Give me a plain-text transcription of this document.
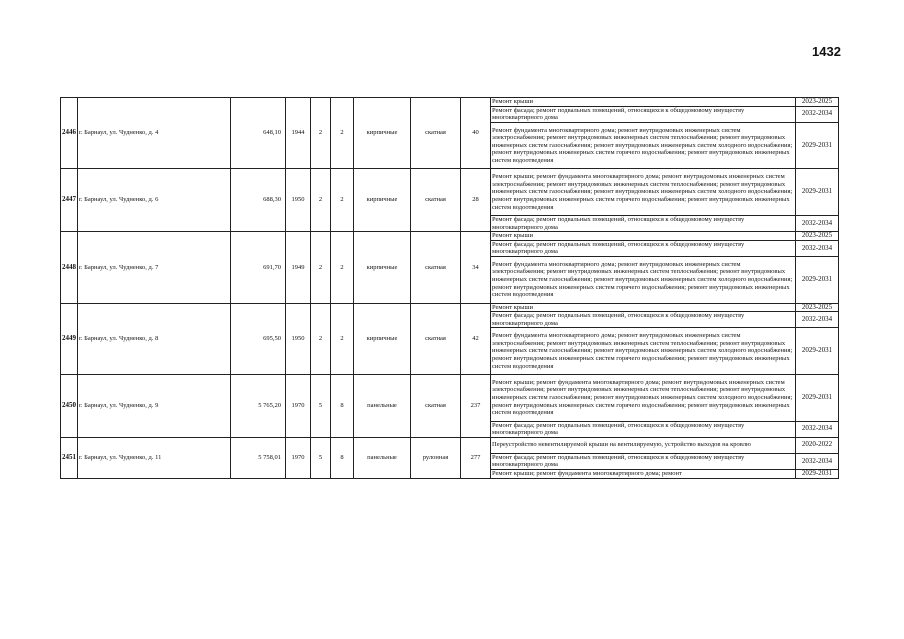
1432
2446	г. Барнаул, ул. Чудненко, д. 4	648,10	1944	2	2	кирпичные	скатная	40	Ремонт крыши	2023-2025
									Ремонт фасада; ремонт подвальных помещений, относящихся к общедомовому имуществу многоквартирного дома	2032-2034
									Ремонт фундамента многоквартирного дома; ремонт внутридомовых инженерных систем электроснабжения; ремонт внутридомовых инженерных систем теплоснабжения; ремонт внутридомовых инженерных систем газоснабжения; ремонт внутридомовых инженерных систем холодного водоснабжения; ремонт внутридомовых инженерных систем горячего водоснабжения; ремонт внутридомовых инженерных систем водоотведения	2029-2031
2447	г. Барнаул, ул. Чудненко, д. 6	688,30	1950	2	2	кирпичные	скатная	28	Ремонт крыши; ремонт фундамента многоквартирного дома; ремонт внутридомовых инженерных систем электроснабжения; ремонт внутридомовых инженерных систем теплоснабжения; ремонт внутридомовых инженерных систем газоснабжения; ремонт внутридомовых инженерных систем холодного водоснабжения; ремонт внутридомовых инженерных систем горячего водоснабжения; ремонт внутридомовых инженерных систем водоотведения	2029-2031
									Ремонт фасада; ремонт подвальных помещений, относящихся к общедомовому имуществу многоквартирного дома	2032-2034
2448	г. Барнаул, ул. Чудненко, д. 7	691,70	1949	2	2	кирпичные	скатная	34	Ремонт крыши	2023-2025
									Ремонт фасада; ремонт подвальных помещений, относящихся к общедомовому имуществу многоквартирного дома	2032-2034
									Ремонт фундамента многоквартирного дома; ремонт внутридомовых инженерных систем электроснабжения; ремонт внутридомовых инженерных систем теплоснабжения; ремонт внутридомовых инженерных систем газоснабжения; ремонт внутридомовых инженерных систем холодного водоснабжения; ремонт внутридомовых инженерных систем горячего водоснабжения; ремонт внутридомовых инженерных систем водоотведения	2029-2031
2449	г. Барнаул, ул. Чудненко, д. 8	695,50	1950	2	2	кирпичные	скатная	42	Ремонт крыши	2023-2025
									Ремонт фасада; ремонт подвальных помещений, относящихся к общедомовому имуществу многоквартирного дома	2032-2034
									Ремонт фундамента многоквартирного дома; ремонт внутридомовых инженерных систем электроснабжения; ремонт внутридомовых инженерных систем теплоснабжения; ремонт внутридомовых инженерных систем газоснабжения; ремонт внутридомовых инженерных систем холодного водоснабжения; ремонт внутридомовых инженерных систем горячего водоснабжения; ремонт внутридомовых инженерных систем водоотведения	2029-2031
2450	г. Барнаул, ул. Чудненко, д. 9	5 765,20	1970	5	8	панельные	скатная	237	Ремонт крыши; ремонт фундамента многоквартирного дома; ремонт внутридомовых инженерных систем электроснабжения; ремонт внутридомовых инженерных систем теплоснабжения; ремонт внутридомовых инженерных систем газоснабжения; ремонт внутридомовых инженерных систем холодного водоснабжения; ремонт внутридомовых инженерных систем горячего водоснабжения; ремонт внутридомовых инженерных систем водоотведения	2029-2031
									Ремонт фасада; ремонт подвальных помещений, относящихся к общедомовому имуществу многоквартирного дома	2032-2034
2451	г. Барнаул, ул. Чудненко, д. 11	5 758,01	1970	5	8	панельные	рулонная	277	Переустройство невентилируемой крыши на вентилируемую, устройство выходов на кровлю	2020-2022
									Ремонт фасада; ремонт подвальных помещений, относящихся к общедомовому имуществу многоквартирного дома	2032-2034
									Ремонт крыши; ремонт фундамента многоквартирного дома; ремонт	2029-2031
